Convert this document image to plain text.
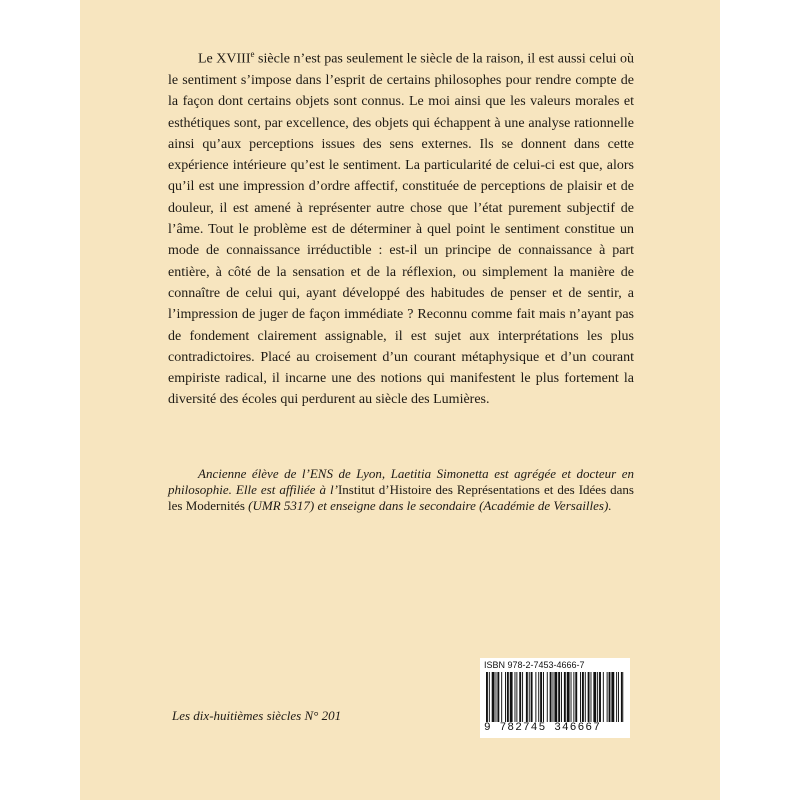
Le XVIIIe siècle n’est pas seulement le siècle de la raison, il est aussi celui où le sentiment s’impose dans l’esprit de certains philosophes pour rendre compte de la façon dont certains objets sont connus. Le moi ainsi que les valeurs morales et esthétiques sont, par excellence, des objets qui échappent à une analyse rationnelle ainsi qu’aux perceptions issues des sens externes. Ils se donnent dans cette expérience intérieure qu’est le sentiment. La particularité de celui-ci est que, alors qu’il est une impression d’ordre affectif, constituée de perceptions de plaisir et de douleur, il est amené à représenter autre chose que l’état purement subjectif de l’âme. Tout le problème est de déterminer à quel point le sentiment constitue un mode de connaissance irréductible : est-il un principe de connaissance à part entière, à côté de la sensation et de la réflexion, ou simplement la manière de connaître de celui qui, ayant développé des habitudes de penser et de sentir, a l’impression de juger de façon immédiate ? Reconnu comme fait mais n’ayant pas de fondement clairement assignable, il est sujet aux interprétations les plus contradictoires. Placé au croisement d’un courant métaphysique et d’un courant empiriste radical, il incarne une des notions qui manifestent le plus fortement la diversité des écoles qui perdurent au siècle des Lumières.

Ancienne élève de l’ENS de Lyon, Laetitia Simonetta est agrégée et docteur en philosophie. Elle est affiliée à l’Institut d’Histoire des Représentations et des Idées dans les Modernités (UMR 5317) et enseigne dans le secondaire (Académie de Versailles).

Les dix-huitièmes siècles N° 201
ISBN 978-2-7453-4666-7
9 782745 346667
